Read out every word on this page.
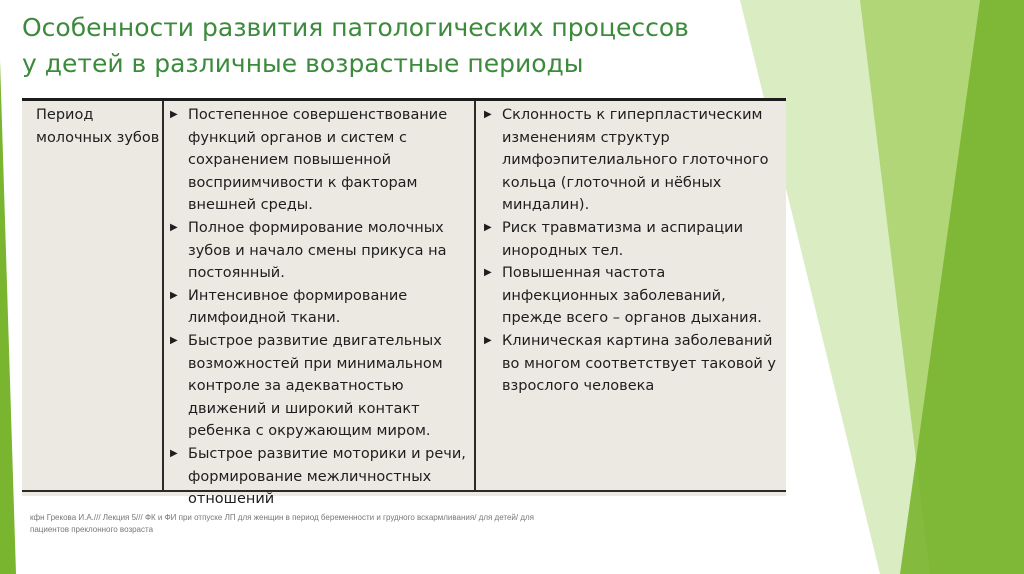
Особенности развития патологических процессов
у детей в различные возрастные периоды
Период молочных зубов
▶ Постепенное совершенствование функций органов и систем с сохранением повышенной восприимчивости к факторам внешней среды.
▶ Полное формирование молочных зубов и начало смены прикуса на постоянный.
▶ Интенсивное формирование лимфоидной ткани.
▶ Быстрое развитие двигательных возможностей при минимальном контроле за адекватностью движений и широкий контакт ребенка с окружающим миром.
▶ Быстрое развитие моторики и речи, формирование межличностных отношений
▶ Склонность к гиперпластическим изменениям структур лимфоэпителиального глоточного кольца (глоточной и нёбных миндалин).
▶ Риск травматизма и аспирации инородных тел.
▶ Повышенная частота инфекционных заболеваний, прежде всего – органов дыхания.
▶ Клиническая картина заболеваний во многом соответствует таковой у взрослого человека
кфн Грекова И.А./// Лекция 5/// ФК и ФИ при отпуске ЛП для женщин в период беременности и грудного вскармливания/ для детей/ для пациентов преклонного возраста
